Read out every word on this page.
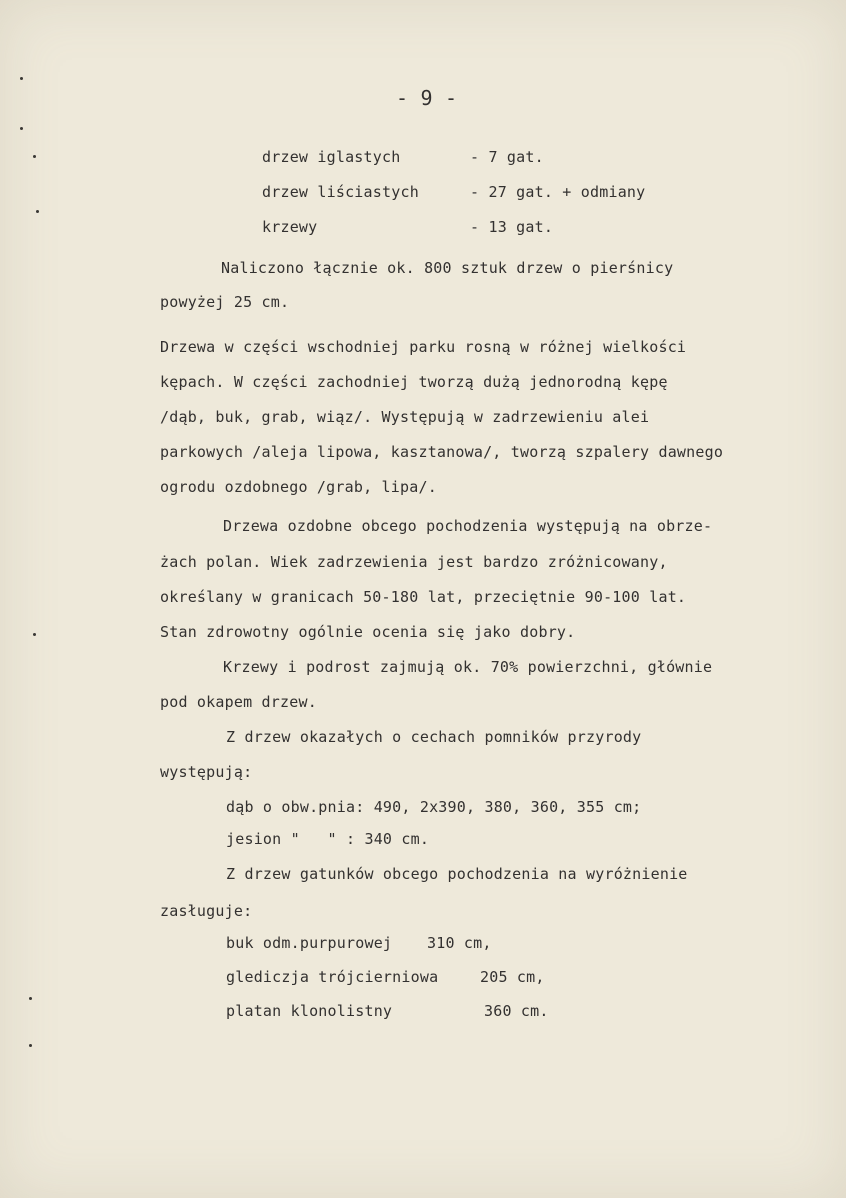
- 9 -
drzew iglastych	- 7 gat.
drzew liściastych	- 27 gat. + odmiany
krzewy	- 13 gat.
Naliczono łącznie ok. 800 sztuk drzew o pierśnicy
powyżej 25 cm.
Drzewa w części wschodniej parku rosną w różnej wielkości
kępach. W części zachodniej tworzą dużą jednorodną kępę
/dąb, buk, grab, wiąz/. Występują w zadrzewieniu alei
parkowych /aleja lipowa, kasztanowa/, tworzą szpalery dawnego
ogrodu ozdobnego /grab, lipa/.
Drzewa ozdobne obcego pochodzenia występują na obrze-
żach polan. Wiek zadrzewienia jest bardzo zróżnicowany,
określany w granicach 50-180 lat, przeciętnie 90-100 lat.
Stan zdrowotny ogólnie ocenia się jako dobry.
Krzewy i podrost zajmują ok. 70% powierzchni, głównie
pod okapem drzew.
Z drzew okazałych o cechach pomników przyrody
występują:
dąb o obw.pnia: 490, 2x390, 380, 360, 355 cm;
jesion "   " : 340 cm.
Z drzew gatunków obcego pochodzenia na wyróżnienie
zasługuje:
buk odm.purpurowej 310 cm,
glediczja trójcierniowa	205 cm,
platan klonolistny	360 cm.
